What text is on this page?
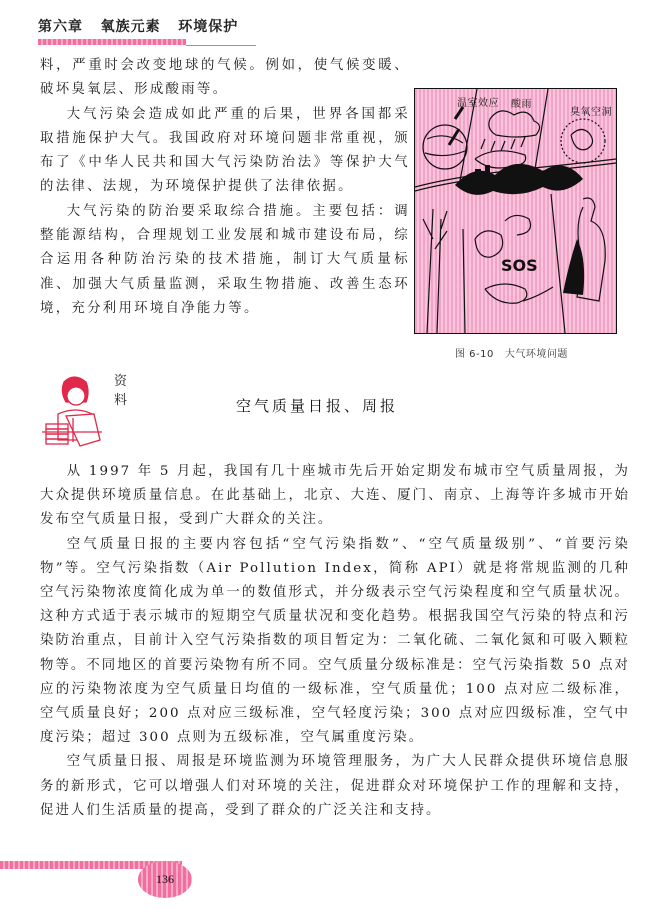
第六章   氧族元素   环境保护

料，严重时会改变地球的气候。例如，使气候变暖、破坏臭氧层、形成酸雨等。

大气污染会造成如此严重的后果，世界各国都采取措施保护大气。我国政府对环境问题非常重视，颁布了《中华人民共和国大气污染防治法》等保护大气的法律、法规，为环境保护提供了法律依据。

大气污染的防治要采取综合措施。主要包括：调整能源结构，合理规划工业发展和城市建设布局，综合运用各种防治污染的技术措施，制订大气质量标准、加强大气质量监测，采取生物措施、改善生态环境，充分利用环境自净能力等。

SOS
温室效应 酸雨
臭氧空洞
图 6-10   大气环境问题
资料	空气质量日报、周报

从 1997 年 5 月起，我国有几十座城市先后开始定期发布城市空气质量周报，为大众提供环境质量信息。在此基础上，北京、大连、厦门、南京、上海等许多城市开始发布空气质量日报，受到广大群众的关注。

空气质量日报的主要内容包括“空气污染指数”、“空气质量级别”、“首要污染物”等。空气污染指数（Air Pollution Index，简称 API）就是将常规监测的几种空气污染物浓度简化成为单一的数值形式，并分级表示空气污染程度和空气质量状况。这种方式适于表示城市的短期空气质量状况和变化趋势。根据我国空气污染的特点和污染防治重点，目前计入空气污染指数的项目暂定为：二氧化硫、二氧化氮和可吸入颗粒物等。不同地区的首要污染物有所不同。空气质量分级标准是：空气污染指数 50 点对应的污染物浓度为空气质量日均值的一级标准，空气质量优；100 点对应二级标准，空气质量良好；200 点对应三级标准，空气轻度污染；300 点对应四级标准，空气中度污染；超过 300 点则为五级标准，空气属重度污染。

空气质量日报、周报是环境监测为环境管理服务，为广大人民群众提供环境信息服务的新形式，它可以增强人们对环境的关注，促进群众对环境保护工作的理解和支持，促进人们生活质量的提高，受到了群众的广泛关注和支持。

136
